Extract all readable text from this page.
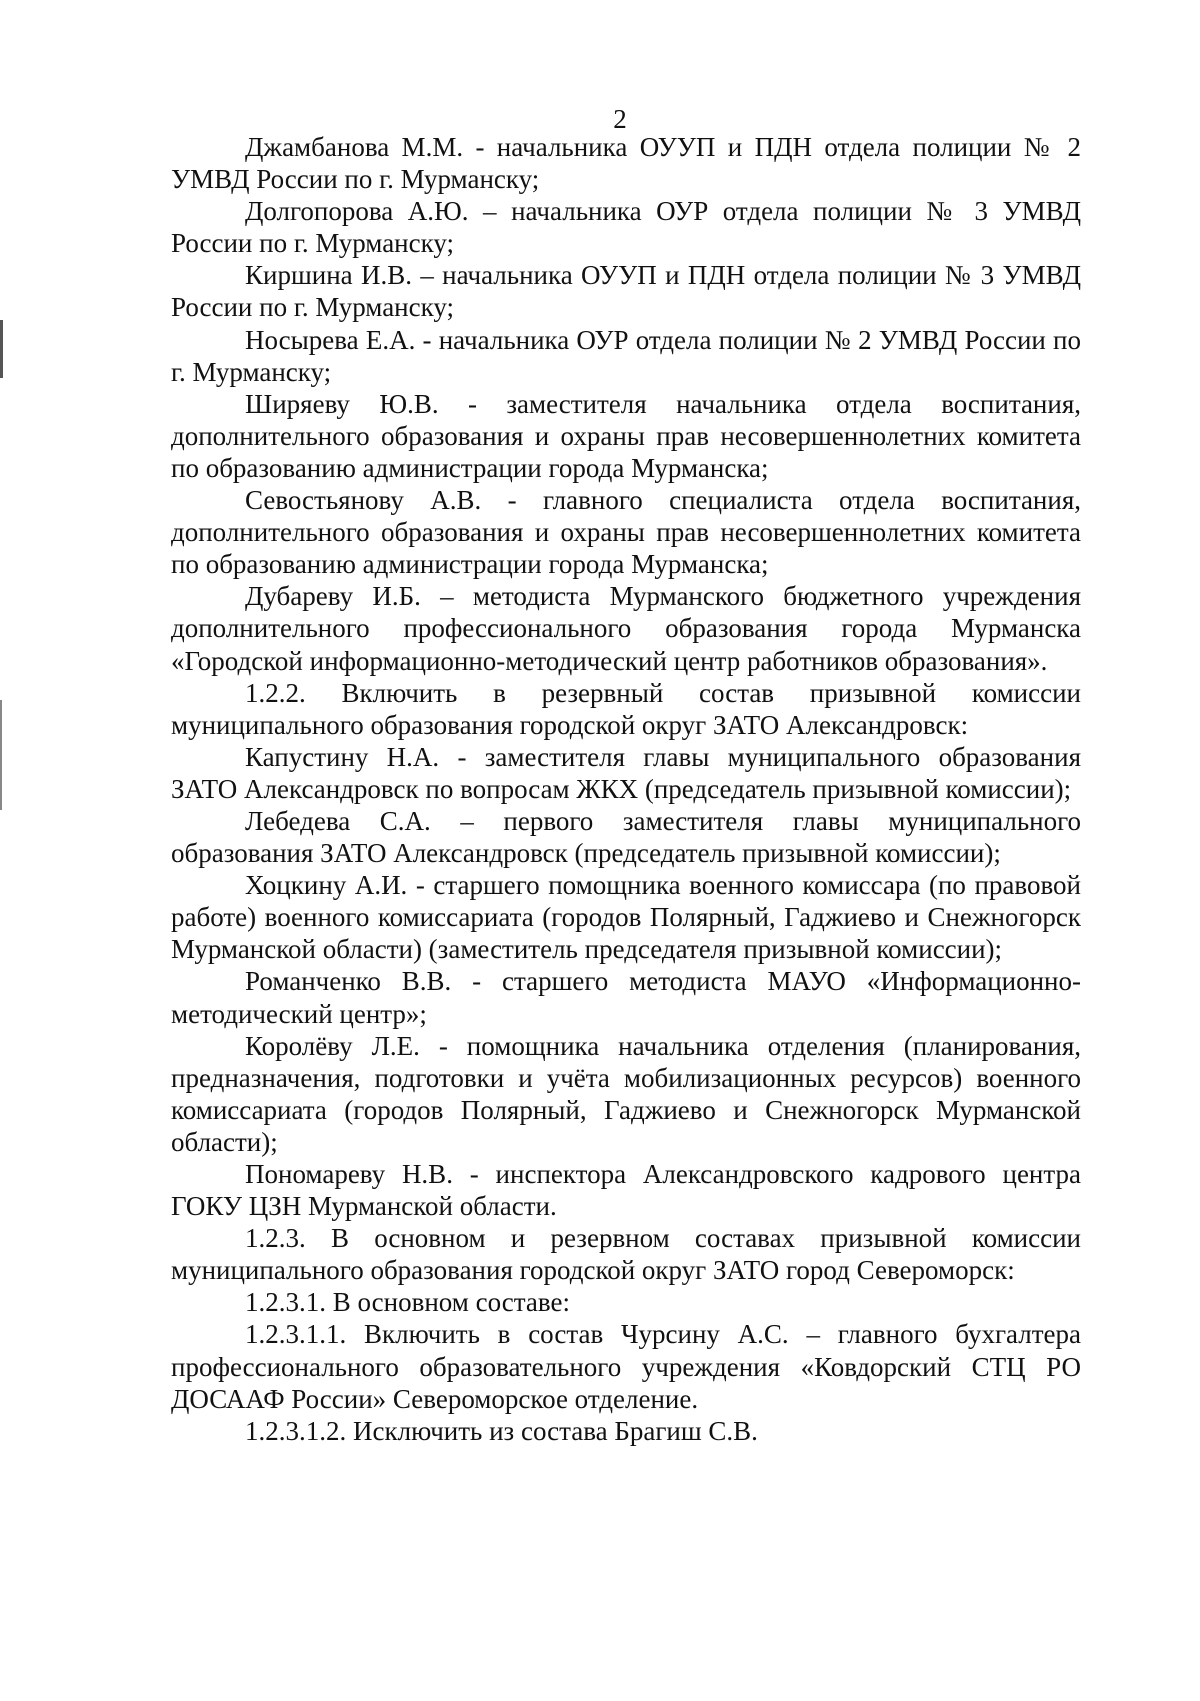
2

Джамбанова М.М. - начальника ОУУП и ПДН отдела полиции № 2 УМВД России по г. Мурманску;

Долгопорова А.Ю. – начальника ОУР отдела полиции № 3 УМВД России по г. Мурманску;

Киршина И.В. – начальника ОУУП и ПДН отдела полиции № 3 УМВД России по г. Мурманску;

Носырева Е.А. - начальника ОУР отдела полиции № 2 УМВД России по г. Мурманску;

Ширяеву Ю.В. - заместителя начальника отдела воспитания, дополнительного образования и охраны прав несовершеннолетних комитета по образованию администрации города Мурманска;

Севостьянову А.В. - главного специалиста отдела воспитания, дополнительного образования и охраны прав несовершеннолетних комитета по образованию администрации города Мурманска;

Дубареву И.Б. – методиста Мурманского бюджетного учреждения дополнительного профессионального образования города Мурманска «Городской информационно-методический центр работников образования».

1.2.2. Включить в резервный состав призывной комиссии муниципального образования городской округ ЗАТО Александровск:

Капустину Н.А. - заместителя главы муниципального образования ЗАТО Александровск по вопросам ЖКХ (председатель призывной комиссии);

Лебедева С.А. – первого заместителя главы муниципального образования ЗАТО Александровск (председатель призывной комиссии);

Хоцкину А.И. - старшего помощника военного комиссара (по правовой работе) военного комиссариата (городов Полярный, Гаджиево и Снежногорск Мурманской области) (заместитель председателя призывной комиссии);

Романченко В.В. - старшего методиста МАУО «Информационно-методический центр»;

Королёву Л.Е. - помощника начальника отделения (планирования, предназначения, подготовки и учёта мобилизационных ресурсов) военного комиссариата (городов Полярный, Гаджиево и Снежногорск Мурманской области);

Пономареву Н.В. - инспектора Александровского кадрового центра ГОКУ ЦЗН Мурманской области.

1.2.3. В основном и резервном составах призывной комиссии муниципального образования городской округ ЗАТО город Североморск:

1.2.3.1. В основном составе:

1.2.3.1.1. Включить в состав Чурсину А.С. – главного бухгалтера профессионального образовательного учреждения «Ковдорский СТЦ РО ДОСААФ России» Североморское отделение.

1.2.3.1.2. Исключить из состава Брагиш С.В.
